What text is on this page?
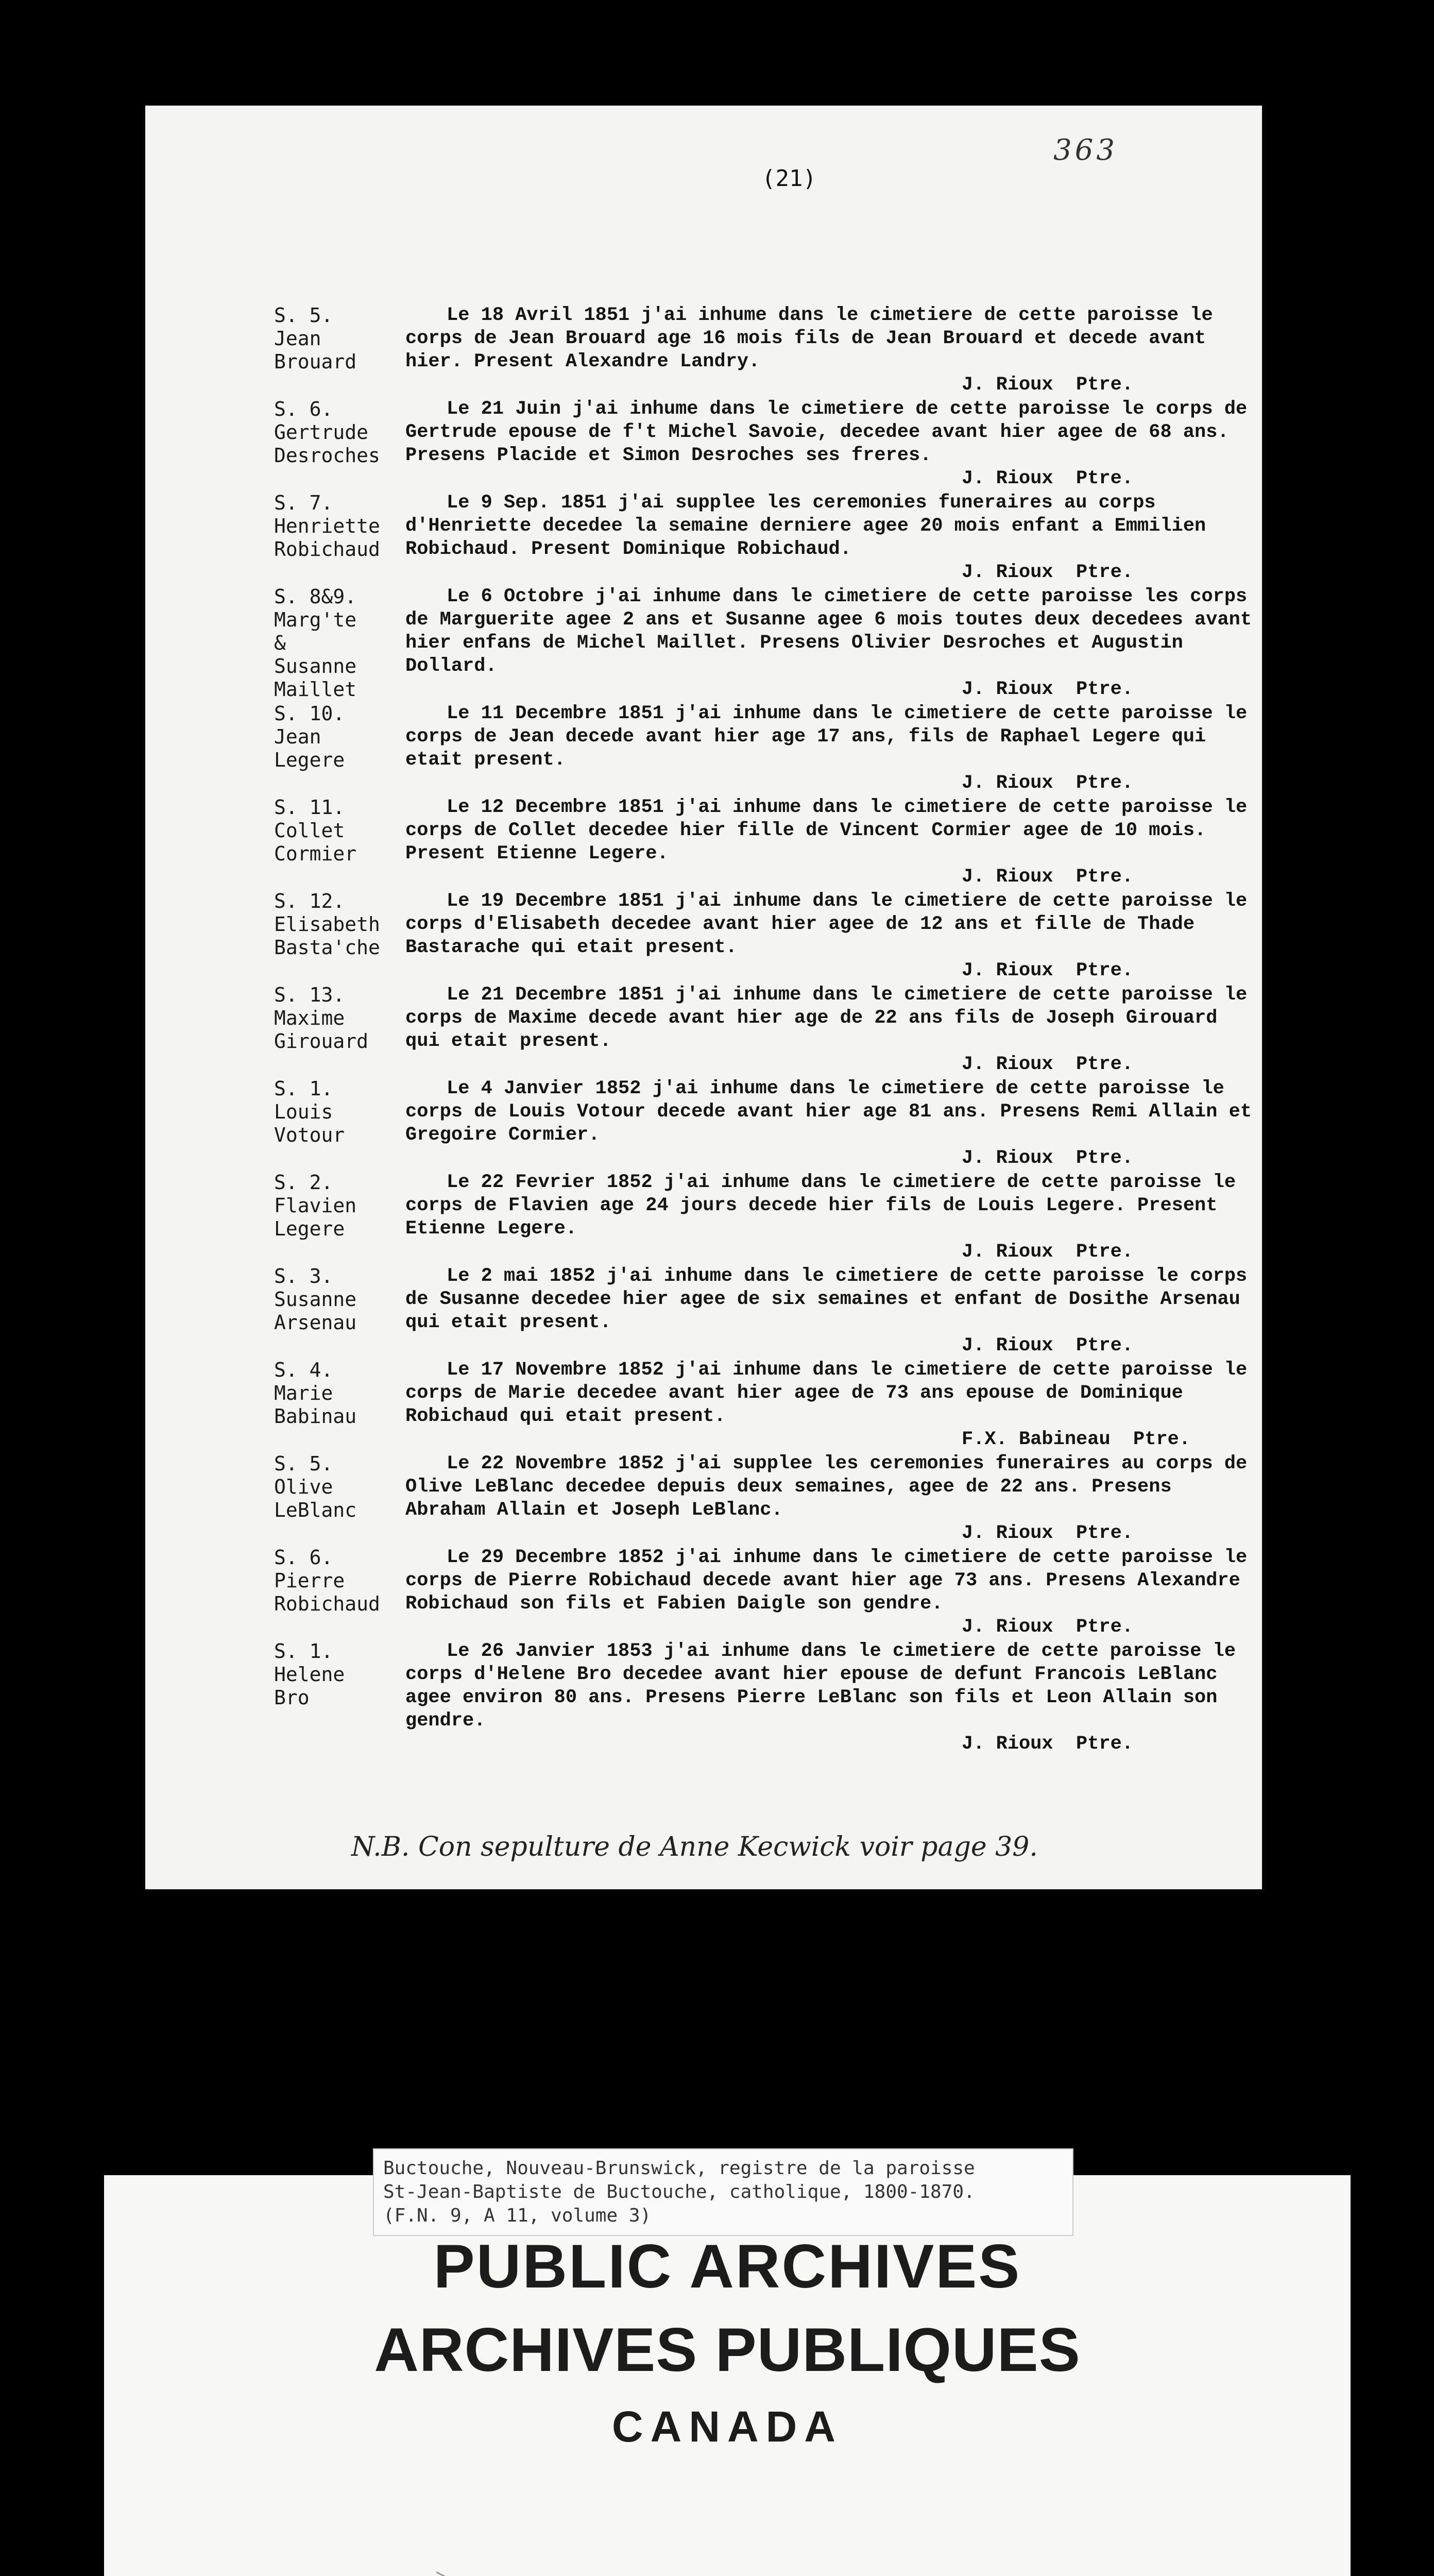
363
(21)
S. 5.
Jean
Brouard

Le 18 Avril 1851 j'ai inhume dans le cimetiere de cette paroisse le corps de Jean Brouard age 16 mois fils de Jean Brouard et decede avant hier. Present Alexandre Landry.

J. Rioux  Ptre.

S. 6.
Gertrude
Desroches

Le 21 Juin j'ai inhume dans le cimetiere de cette paroisse le corps de Gertrude epouse de f't Michel Savoie, decedee avant hier agee de 68 ans. Presens Placide et Simon Desroches ses freres.

J. Rioux  Ptre.

S. 7.
Henriette
Robichaud

Le 9 Sep. 1851 j'ai supplee les ceremonies funeraires au corps d'Henriette decedee la semaine derniere agee 20 mois enfant a Emmilien Robichaud. Present Dominique Robichaud.

J. Rioux  Ptre.

S. 8&9.
Marg'te
&
Susanne
Maillet

Le 6 Octobre j'ai inhume dans le cimetiere de cette paroisse les corps de Marguerite agee 2 ans et Susanne agee 6 mois toutes deux decedees avant hier enfans de Michel Maillet. Presens Olivier Desroches et Augustin Dollard.

J. Rioux  Ptre.

S. 10.
Jean
Legere

Le 11 Decembre 1851 j'ai inhume dans le cimetiere de cette paroisse le corps de Jean decede avant hier age 17 ans, fils de Raphael Legere qui etait present.

J. Rioux  Ptre.

S. 11.
Collet
Cormier

Le 12 Decembre 1851 j'ai inhume dans le cimetiere de cette paroisse le corps de Collet decedee hier fille de Vincent Cormier agee de 10 mois. Present Etienne Legere.

J. Rioux  Ptre.

S. 12.
Elisabeth
Basta'che

Le 19 Decembre 1851 j'ai inhume dans le cimetiere de cette paroisse le corps d'Elisabeth decedee avant hier agee de 12 ans et fille de Thade Bastarache qui etait present.

J. Rioux  Ptre.

S. 13.
Maxime
Girouard

Le 21 Decembre 1851 j'ai inhume dans le cimetiere de cette paroisse le corps de Maxime decede avant hier age de 22 ans fils de Joseph Girouard qui etait present.

J. Rioux  Ptre.

S. 1.
Louis
Votour

Le 4 Janvier 1852 j'ai inhume dans le cimetiere de cette paroisse le corps de Louis Votour decede avant hier age 81 ans. Presens Remi Allain et Gregoire Cormier.

J. Rioux  Ptre.

S. 2.
Flavien
Legere

Le 22 Fevrier 1852 j'ai inhume dans le cimetiere de cette paroisse le corps de Flavien age 24 jours decede hier fils de Louis Legere. Present Etienne Legere.

J. Rioux  Ptre.

S. 3.
Susanne
Arsenau

Le 2 mai 1852 j'ai inhume dans le cimetiere de cette paroisse le corps de Susanne decedee hier agee de six semaines et enfant de Dosithe Arsenau qui etait present.

J. Rioux  Ptre.

S. 4.
Marie
Babinau

Le 17 Novembre 1852 j'ai inhume dans le cimetiere de cette paroisse le corps de Marie decedee avant hier agee de 73 ans epouse de Dominique Robichaud qui etait present.

F.X. Babineau  Ptre.

S. 5.
Olive
LeBlanc

Le 22 Novembre 1852 j'ai supplee les ceremonies funeraires au corps de Olive LeBlanc decedee depuis deux semaines, agee de 22 ans. Presens Abraham Allain et Joseph LeBlanc.

J. Rioux  Ptre.

S. 6.
Pierre
Robichaud

Le 29 Decembre 1852 j'ai inhume dans le cimetiere de cette paroisse le corps de Pierre Robichaud decede avant hier age 73 ans. Presens Alexandre Robichaud son fils et Fabien Daigle son gendre.

J. Rioux  Ptre.

S. 1.
Helene
Bro

Le 26 Janvier 1853 j'ai inhume dans le cimetiere de cette paroisse le corps d'Helene Bro decedee avant hier epouse de defunt Francois LeBlanc agee environ 80 ans. Presens Pierre LeBlanc son fils et Leon Allain son gendre.

J. Rioux  Ptre.

N.B. Con sepulture de Anne Kecwick voir page 39.
Buctouche, Nouveau-Brunswick, registre de la paroisse
St-Jean-Baptiste de Buctouche, catholique, 1800-1870.
(F.N. 9, A 11, volume 3)
PUBLIC ARCHIVES
ARCHIVES PUBLIQUES
CANADA
